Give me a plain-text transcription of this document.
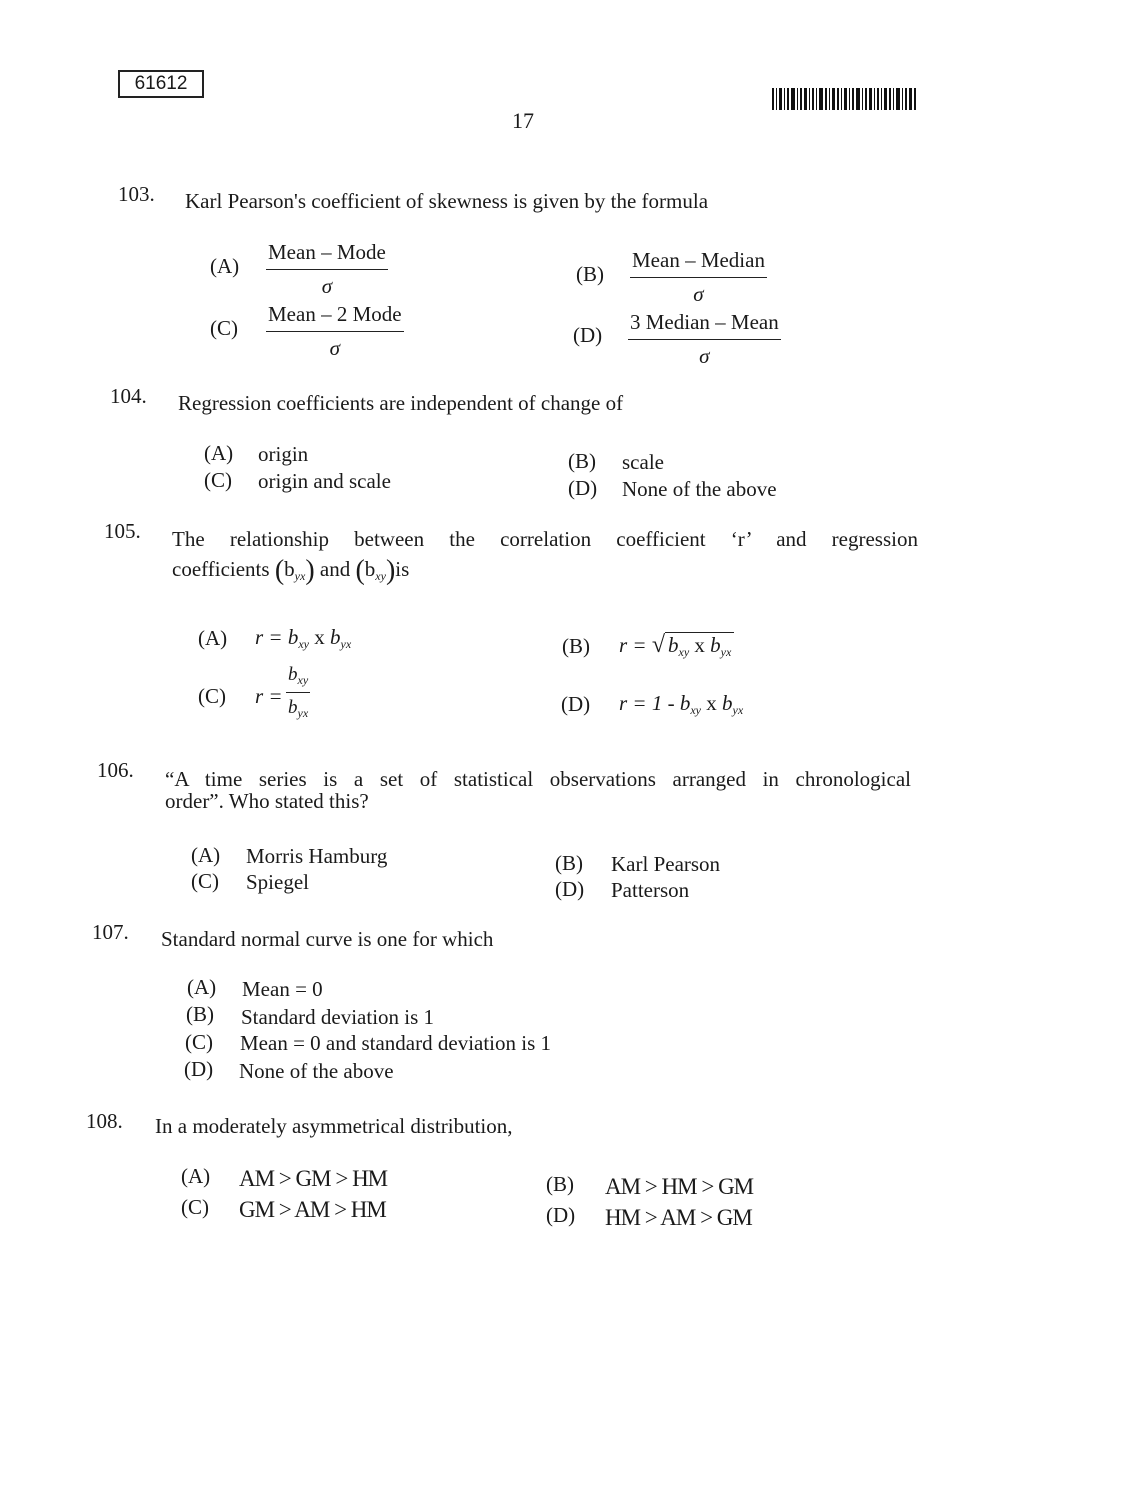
61612
17
103. Karl Pearson's coefficient of skewness is given by the formula
(A)
Mean – Mode
σ	(B)
Mean – Median
σ
(C)
Mean – 2 Mode
σ
(D)
3 Median – Mean
σ
104. Regression coefficients are independent of change of
(A) origin
(C) origin and scale
(B) scale
(D) None of the above
105. The relationship between the correlation coefficient ‘r’ and regression
coefficients $(b_{yx})$ and $(b_{xy})is$
(A) $r = b_{xy}$ x $b_{yx}$	(B) r = √ $b_{xy}$ x $b_{yx}$
(C) r =
$b_{xy}$
$b_{yx}$	(D) $r = 1 - b_{xy}$ x $b_{yx}$
106. “A time series is a set of statistical observations arranged in chronological
order”. Who stated this?
(A) Morris Hamburg
(C) Spiegel
(B) Karl Pearson
(D) Patterson
107. Standard normal curve is one for which
(A) Mean = 0
(B) Standard deviation is 1
(C) Mean = 0 and standard deviation is 1
(D) None of the above
108. In a moderately asymmetrical distribution,
(A) AM > GM > HM
(C) GM > AM > HM
(B) AM > HM > GM
(D) HM > AM > GM
